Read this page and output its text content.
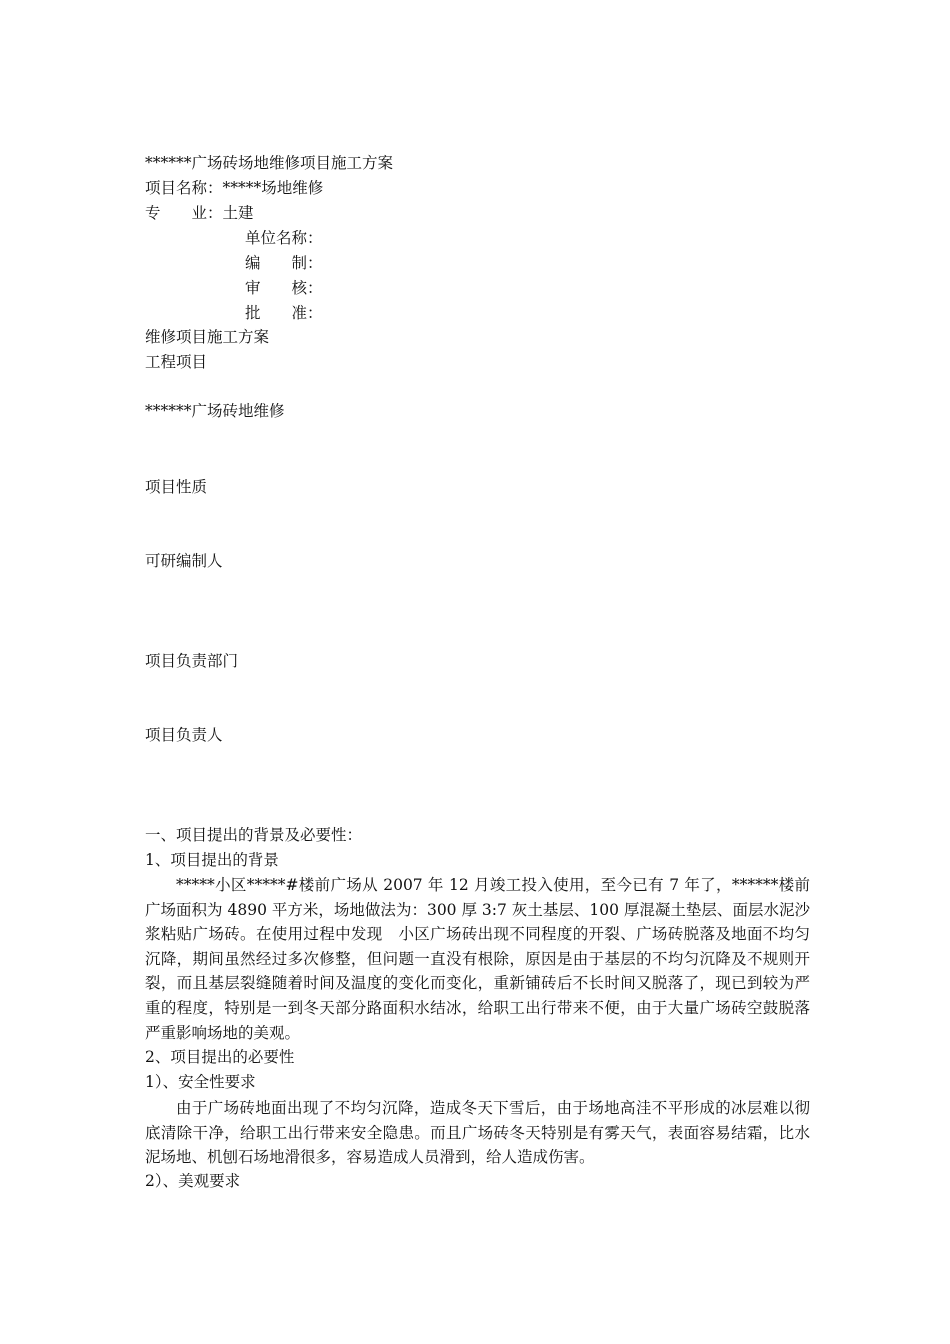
******广场砖场地维修项目施工方案
项目名称：*****场地维修
专　　业：土建
单位名称：
编　　制：
审　　核：
批　　准：
维修项目施工方案
工程项目
******广场砖地维修
项目性质
可研编制人
项目负责部门
项目负责人
一、项目提出的背景及必要性：
1、项目提出的背景
*****小区*****#楼前广场从 2007 年 12 月竣工投入使用，至今已有 7 年了，******楼前广场面积为 4890 平方米，场地做法为：300 厚 3:7 灰土基层、100 厚混凝土垫层、面层水泥沙浆粘贴广场砖。在使用过程中发现　小区广场砖出现不同程度的开裂、广场砖脱落及地面不均匀沉降，期间虽然经过多次修整，但问题一直没有根除，原因是由于基层的不均匀沉降及不规则开裂，而且基层裂缝随着时间及温度的变化而变化，重新铺砖后不长时间又脱落了，现已到较为严重的程度，特别是一到冬天部分路面积水结冰，给职工出行带来不便，由于大量广场砖空鼓脱落严重影响场地的美观。
2、项目提出的必要性
1）、安全性要求
由于广场砖地面出现了不均匀沉降，造成冬天下雪后，由于场地高洼不平形成的冰层难以彻底清除干净，给职工出行带来安全隐患。而且广场砖冬天特别是有雾天气，表面容易结霜，比水泥场地、机刨石场地滑很多，容易造成人员滑到，给人造成伤害。
2）、美观要求
